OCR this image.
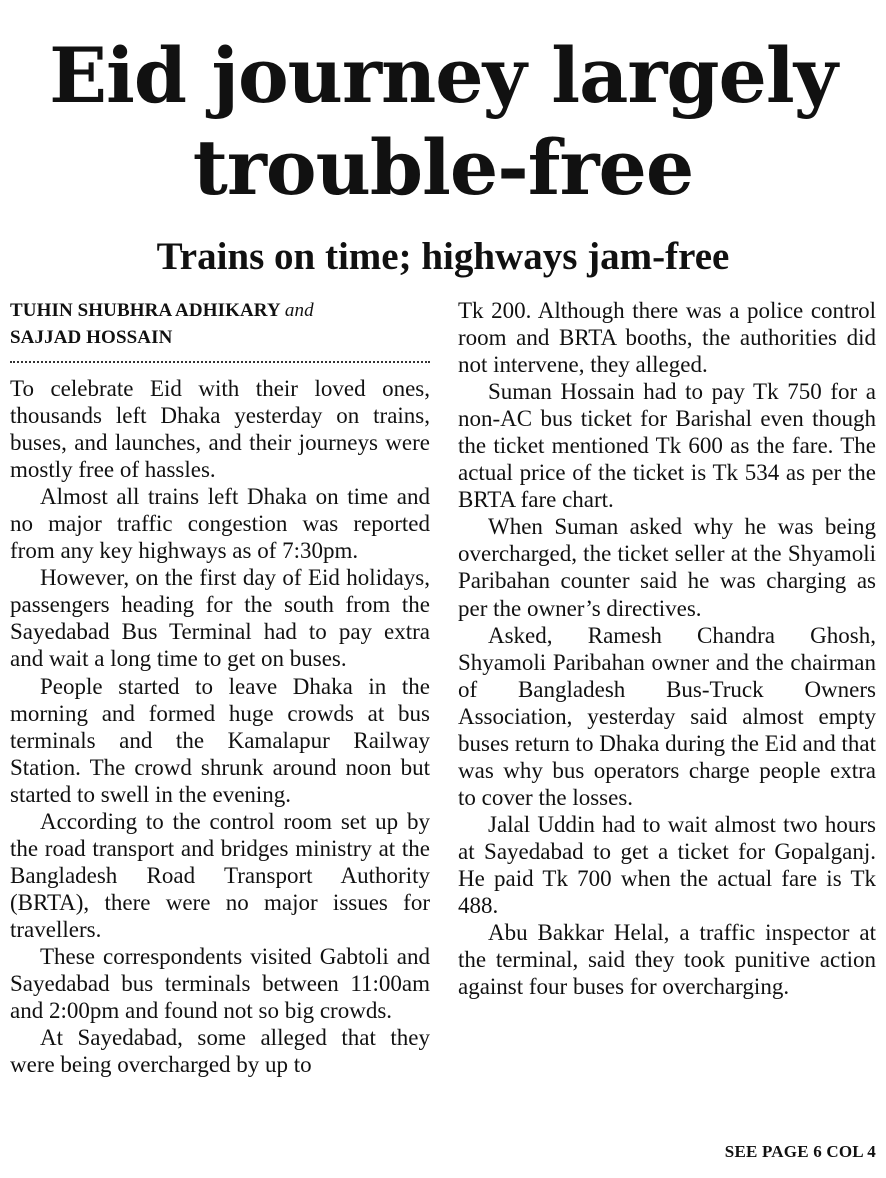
Eid journey largely trouble-free
Trains on time; highways jam-free
TUHIN SHUBHRA ADHIKARY and
SAJJAD HOSSAIN

To celebrate Eid with their loved ones, thousands left Dhaka yesterday on trains, buses, and launches, and their journeys were mostly free of hassles.

Almost all trains left Dhaka on time and no major traffic congestion was reported from any key highways as of 7:30pm.

However, on the first day of Eid holidays, passengers heading for the south from the Sayedabad Bus Terminal had to pay extra and wait a long time to get on buses.

People started to leave Dhaka in the morning and formed huge crowds at bus terminals and the Kamalapur Railway Station. The crowd shrunk around noon but started to swell in the evening.

According to the control room set up by the road transport and bridges ministry at the Bangladesh Road Transport Authority (BRTA), there were no major issues for travellers.

These correspondents visited Gabtoli and Sayedabad bus terminals between 11:00am and 2:00pm and found not so big crowds.

At Sayedabad, some alleged that they were being overcharged by up to

Tk 200. Although there was a police control room and BRTA booths, the authorities did not intervene, they alleged.

Suman Hossain had to pay Tk 750 for a non-AC bus ticket for Barishal even though the ticket mentioned Tk 600 as the fare. The actual price of the ticket is Tk 534 as per the BRTA fare chart.

When Suman asked why he was being overcharged, the ticket seller at the Shyamoli Paribahan counter said he was charging as per the owner’s directives.

Asked, Ramesh Chandra Ghosh, Shyamoli Paribahan owner and the chairman of Bangladesh Bus-Truck Owners Association, yesterday said almost empty buses return to Dhaka during the Eid and that was why bus operators charge people extra to cover the losses.

Jalal Uddin had to wait almost two hours at Sayedabad to get a ticket for Gopalganj. He paid Tk 700 when the actual fare is Tk 488.

Abu Bakkar Helal, a traffic inspector at the terminal, said they took punitive action against four buses for overcharging.

SEE PAGE 6 COL 4
